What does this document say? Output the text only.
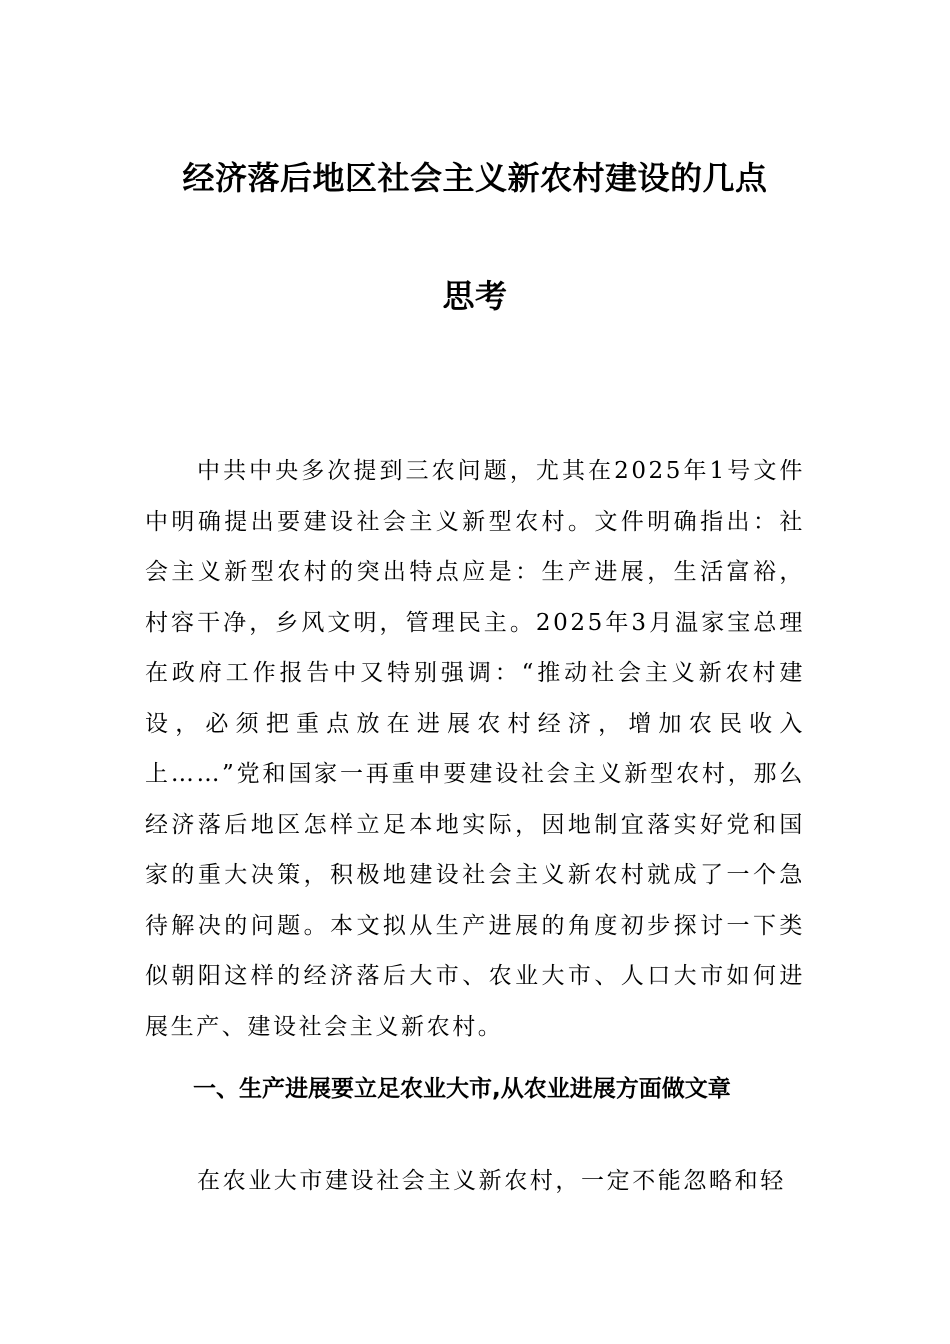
经济落后地区社会主义新农村建设的几点
思考
中共中央多次提到三农问题，尤其在2025年1号文件中明确提出要建设社会主义新型农村。文件明确指出：社会主义新型农村的突出特点应是：生产进展，生活富裕，村容干净，乡风文明，管理民主。2025年3月温家宝总理在政府工作报告中又特别强调：“推动社会主义新农村建设，必须把重点放在进展农村经济，增加农民收入上……”党和国家一再重申要建设社会主义新型农村，那么经济落后地区怎样立足本地实际，因地制宜落实好党和国家的重大决策，积极地建设社会主义新农村就成了一个急待解决的问题。本文拟从生产进展的角度初步探讨一下类似朝阳这样的经济落后大市、农业大市、人口大市如何进展生产、建设社会主义新农村。
一、生产进展要立足农业大市,从农业进展方面做文章
在农业大市建设社会主义新农村，一定不能忽略和轻
